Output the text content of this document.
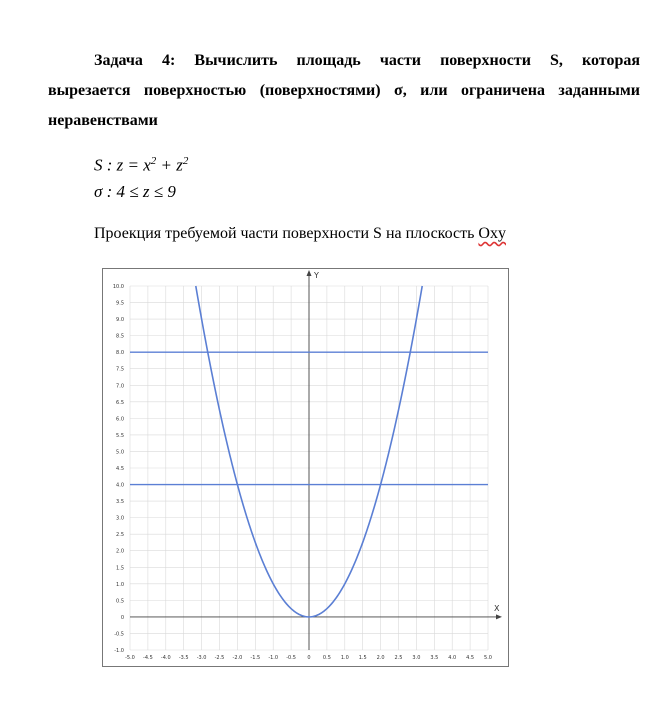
Задача 4: Вычислить площадь части поверхности S, которая
вырезается поверхностью (поверхностями) σ, или ограничена заданными неравенствами
S : $z = x^2 + z^2$
σ : 4 ≤ z ≤ 9
Проекция требуемой части поверхности S на плоскость Oxy
-5.0 -4.5 -4.0 -3.5 -3.0 -2.5 -2.0 -1.5 -1.0 -0.5 0 0.5 1.0 1.5 2.0 2.5 3.0 3.5 4.0 4.5 5.0
-1.0
-0.5
0
0.5
1.0
1.5
2.0
2.5
3.0
3.5
4.0
4.5
5.0
5.5
6.0
6.5
7.0
7.5
8.0
8.5
9.0
9.5
10.0
X
Y
